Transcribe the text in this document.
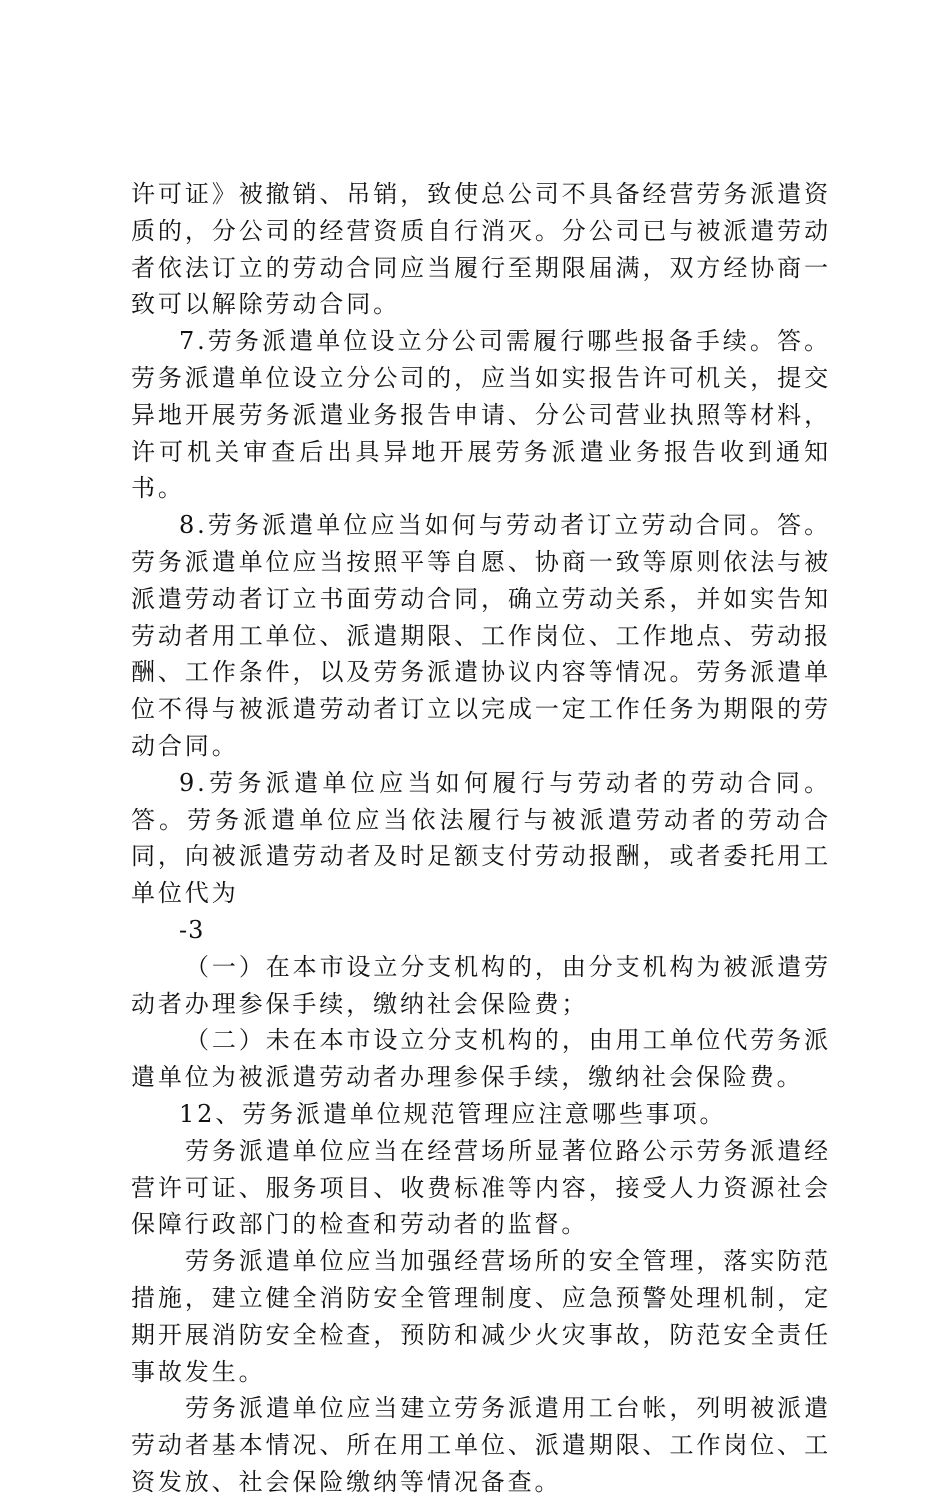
许可证》被撤销、吊销，致使总公司不具备经营劳务派遣资质的，分公司的经营资质自行消灭。分公司已与被派遣劳动者依法订立的劳动合同应当履行至期限届满，双方经协商一致可以解除劳动合同。

7.劳务派遣单位设立分公司需履行哪些报备手续。答。劳务派遣单位设立分公司的，应当如实报告许可机关，提交异地开展劳务派遣业务报告申请、分公司营业执照等材料，许可机关审查后出具异地开展劳务派遣业务报告收到通知书。

8.劳务派遣单位应当如何与劳动者订立劳动合同。答。劳务派遣单位应当按照平等自愿、协商一致等原则依法与被派遣劳动者订立书面劳动合同，确立劳动关系，并如实告知劳动者用工单位、派遣期限、工作岗位、工作地点、劳动报酬、工作条件，以及劳务派遣协议内容等情况。劳务派遣单位不得与被派遣劳动者订立以完成一定工作任务为期限的劳动合同。

9.劳务派遣单位应当如何履行与劳动者的劳动合同。答。劳务派遣单位应当依法履行与被派遣劳动者的劳动合同，向被派遣劳动者及时足额支付劳动报酬，或者委托用工单位代为

-3

（一）在本市设立分支机构的，由分支机构为被派遣劳动者办理参保手续，缴纳社会保险费；

（二）未在本市设立分支机构的，由用工单位代劳务派遣单位为被派遣劳动者办理参保手续，缴纳社会保险费。

12、劳务派遣单位规范管理应注意哪些事项。

劳务派遣单位应当在经营场所显著位路公示劳务派遣经营许可证、服务项目、收费标准等内容，接受人力资源社会保障行政部门的检查和劳动者的监督。

劳务派遣单位应当加强经营场所的安全管理，落实防范措施，建立健全消防安全管理制度、应急预警处理机制，定期开展消防安全检查，预防和减少火灾事故，防范安全责任事故发生。

劳务派遣单位应当建立劳务派遣用工台帐，列明被派遣劳动者基本情况、所在用工单位、派遣期限、工作岗位、工资发放、社会保险缴纳等情况备查。
